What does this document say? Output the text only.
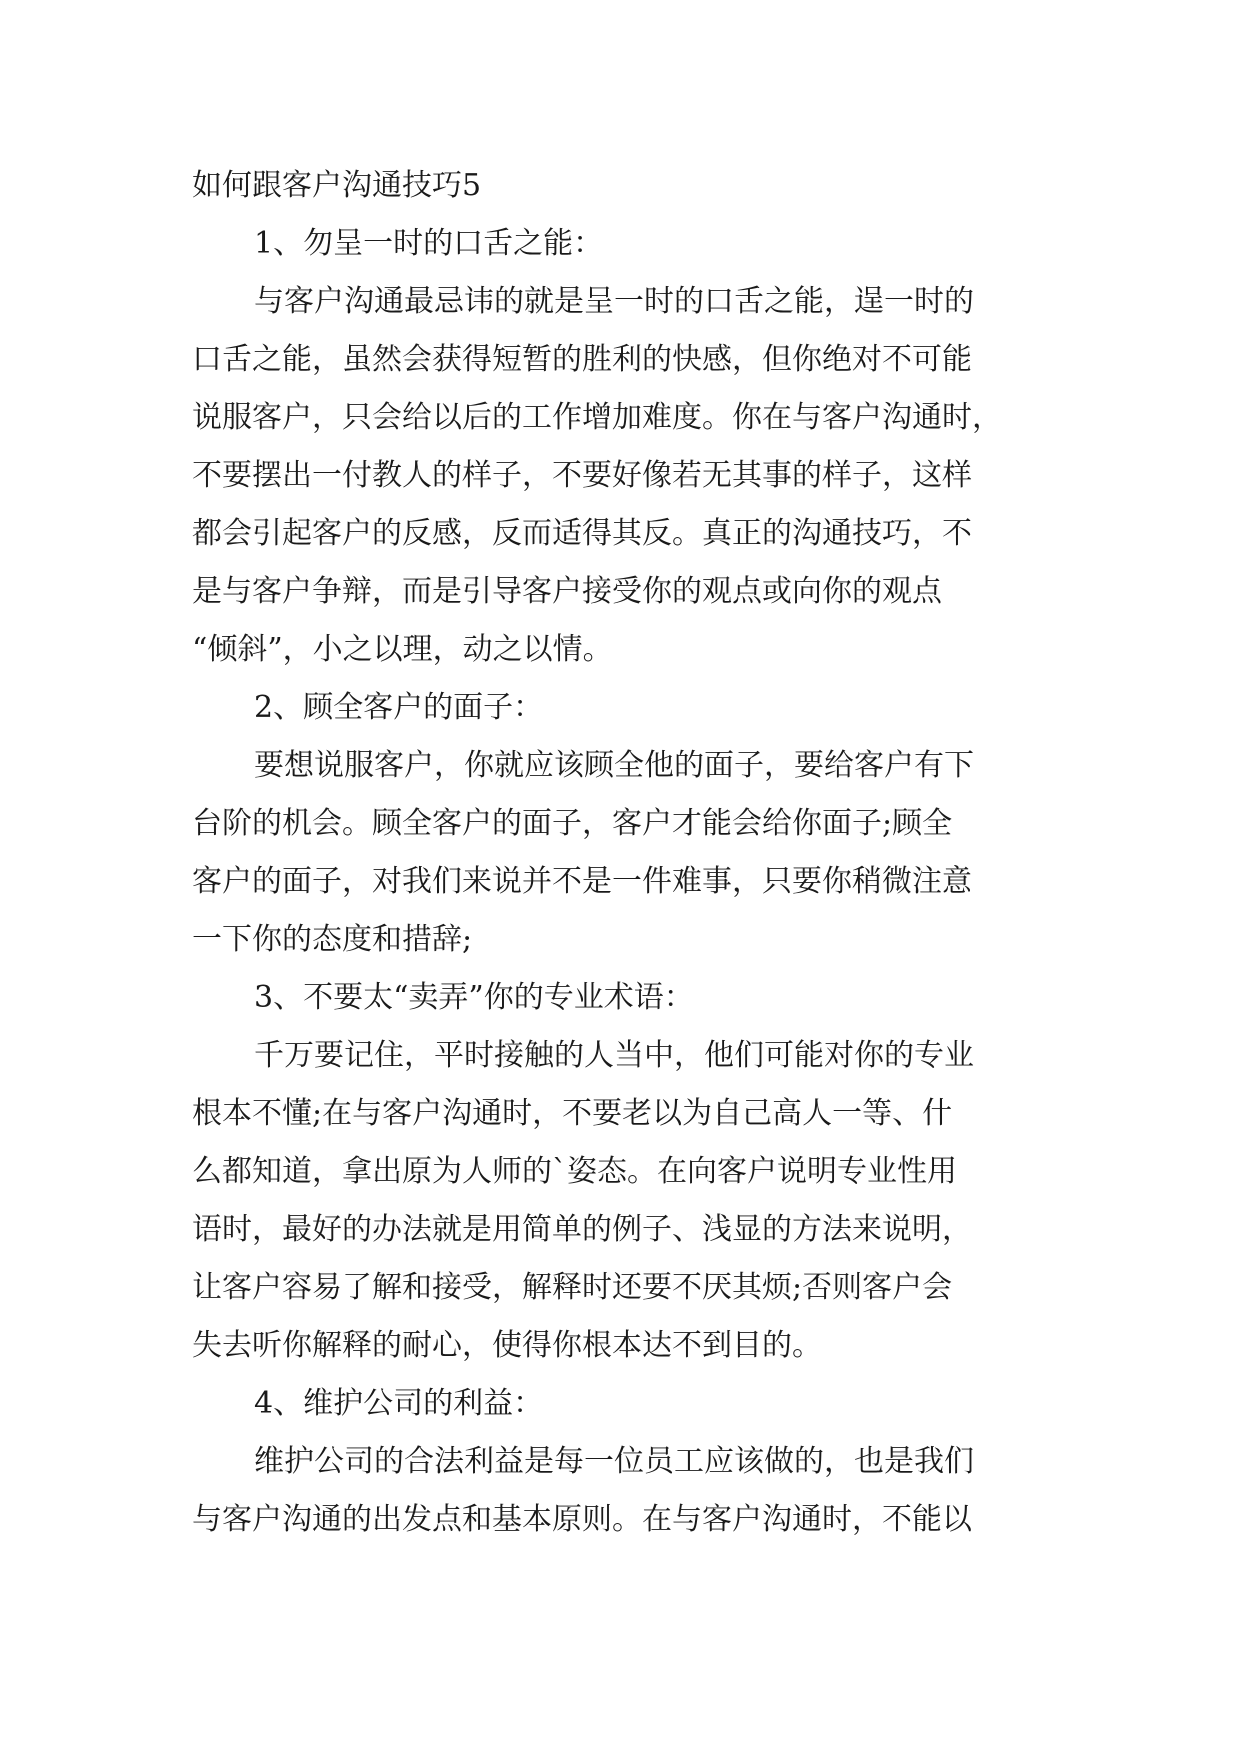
如何跟客户沟通技巧5
1、勿呈一时的口舌之能：
与客户沟通最忌讳的就是呈一时的口舌之能，逞一时的
口舌之能，虽然会获得短暂的胜利的快感，但你绝对不可能
说服客户，只会给以后的工作增加难度。你在与客户沟通时，
不要摆出一付教人的样子，不要好像若无其事的样子，这样
都会引起客户的反感，反而适得其反。真正的沟通技巧，不
是与客户争辩，而是引导客户接受你的观点或向你的观点
“倾斜”，小之以理，动之以情。
2、顾全客户的面子：
要想说服客户，你就应该顾全他的面子，要给客户有下
台阶的机会。顾全客户的面子，客户才能会给你面子;顾全
客户的面子，对我们来说并不是一件难事，只要你稍微注意
一下你的态度和措辞;
3、不要太“卖弄”你的专业术语：
千万要记住，平时接触的人当中，他们可能对你的专业
根本不懂;在与客户沟通时，不要老以为自己高人一等、什
么都知道，拿出原为人师的`姿态。在向客户说明专业性用
语时，最好的办法就是用简单的例子、浅显的方法来说明，
让客户容易了解和接受，解释时还要不厌其烦;否则客户会
失去听你解释的耐心，使得你根本达不到目的。
4、维护公司的利益：
维护公司的合法利益是每一位员工应该做的，也是我们
与客户沟通的出发点和基本原则。在与客户沟通时，不能以
